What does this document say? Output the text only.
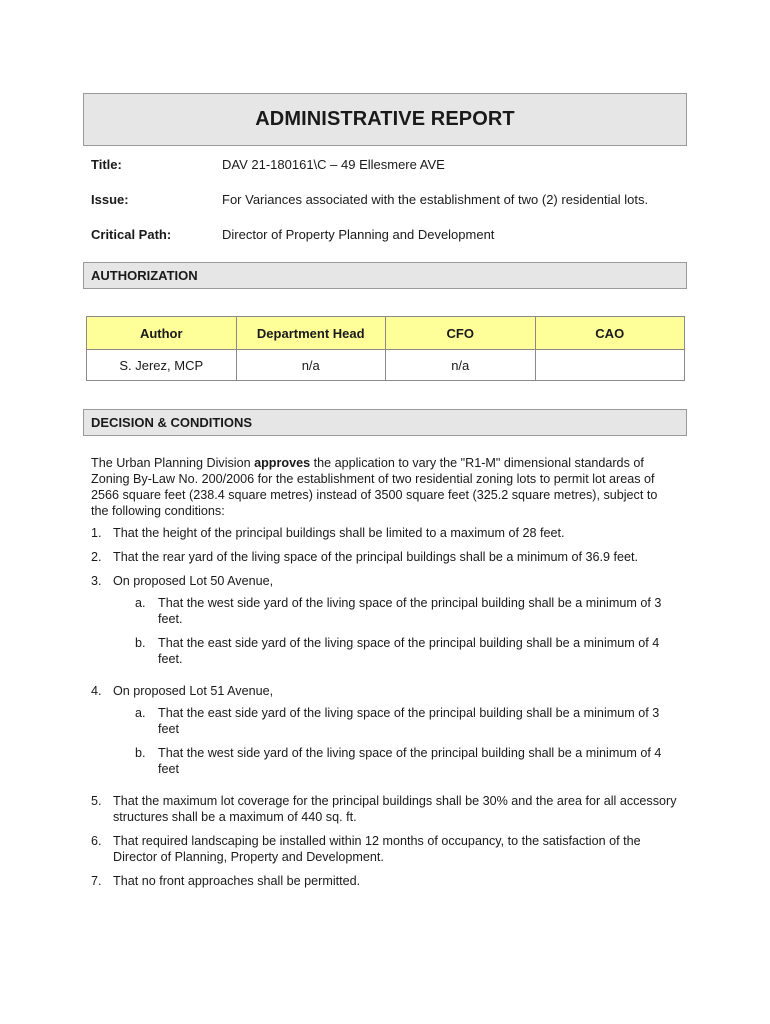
ADMINISTRATIVE REPORT
Title:	DAV 21-180161\C – 49 Ellesmere AVE
Issue:	For Variances associated with the establishment of two (2) residential lots.
Critical Path:	Director of Property Planning and Development
AUTHORIZATION
Author	Department Head	CFO	CAO
S. Jerez, MCP	n/a	n/a	
DECISION & CONDITIONS

The Urban Planning Division approves the application to vary the "R1-M" dimensional standards of Zoning By-Law No. 200/2006 for the establishment of two residential zoning lots to permit lot areas of 2566 square feet (238.4 square metres) instead of 3500 square feet (325.2 square metres), subject to the following conditions:

1. That the height of the principal buildings shall be limited to a maximum of 28 feet.
2. That the rear yard of the living space of the principal buildings shall be a minimum of 36.9 feet.
3. On proposed Lot 50 Avenue,
a. That the west side yard of the living space of the principal building shall be a minimum of 3 feet.
b. That the east side yard of the living space of the principal building shall be a minimum of 4 feet.
4. On proposed Lot 51 Avenue,
a. That the east side yard of the living space of the principal building shall be a minimum of 3 feet
b. That the west side yard of the living space of the principal building shall be a minimum of 4 feet
5. That the maximum lot coverage for the principal buildings shall be 30% and the area for all accessory structures shall be a maximum of 440 sq. ft.
6. That required landscaping be installed within 12 months of occupancy, to the satisfaction of the Director of Planning, Property and Development.
7. That no front approaches shall be permitted.
